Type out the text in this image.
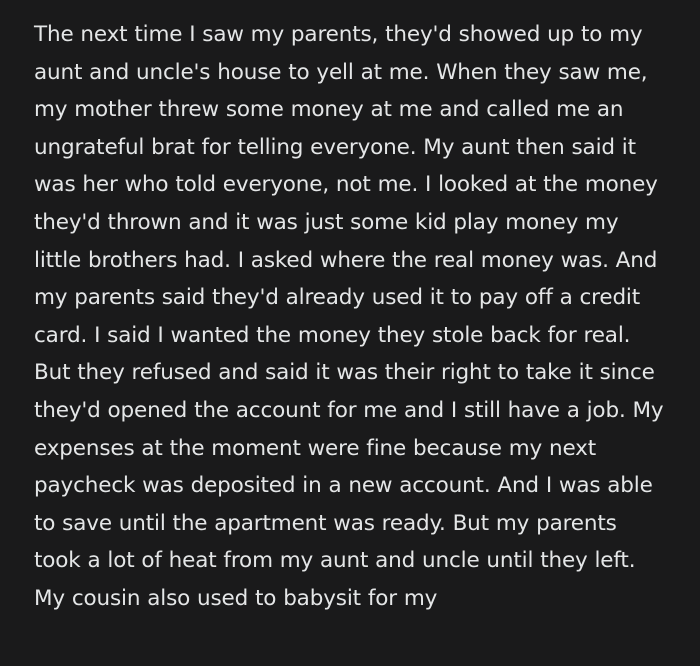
The next time I saw my parents, they'd showed up to my aunt and uncle's house to yell at me. When they saw me, my mother threw some money at me and called me an ungrateful brat for telling everyone. My aunt then said it was her who told everyone, not me. I looked at the money they'd thrown and it was just some kid play money my little brothers had. I asked where the real money was. And my parents said they'd already used it to pay off a credit card. I said I wanted the money they stole back for real. But they refused and said it was their right to take it since they'd opened the account for me and I still have a job. My expenses at the moment were fine because my next paycheck was deposited in a new account. And I was able to save until the apartment was ready. But my parents took a lot of heat from my aunt and uncle until they left. My cousin also used to babysit for my
